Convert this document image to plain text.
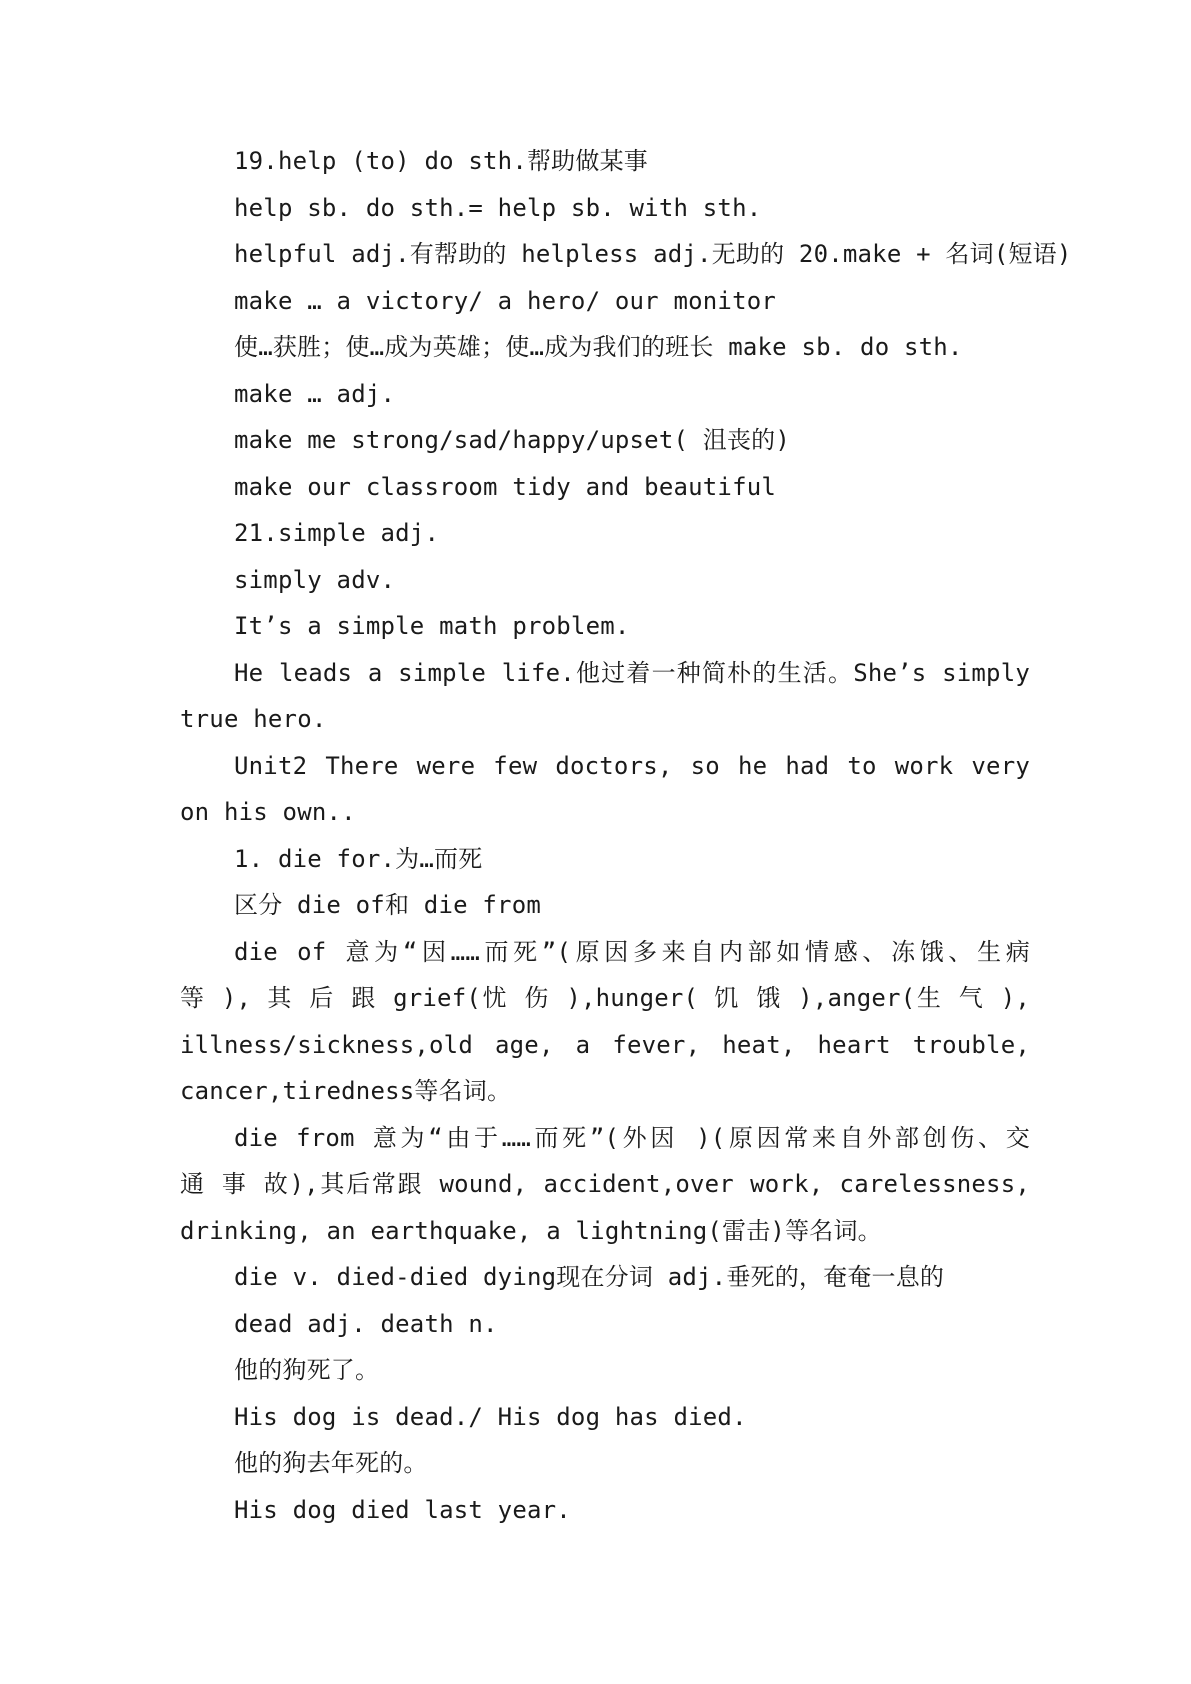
19.help (to) do sth.帮助做某事
help sb. do sth.= help sb. with sth.
helpful adj.有帮助的 helpless adj.无助的 20.make + 名词(短语)
make … a victory/ a hero/ our monitor
使…获胜；使…成为英雄；使…成为我们的班长 make sb. do sth.
make … adj.
make me strong/sad/happy/upset( 沮丧的)
make our classroom tidy and beautiful
21.simple adj.
simply adv.
It’s a simple math problem.
He leads a simple life.他过着一种简朴的生活。She’s simply
true hero.
Unit2 There were few doctors, so he had to work very
on his own..
1. die for.为…而死
区分 die of和 die from
die of 意为“因……而死”(原因多来自内部如情感、冻饿、生病
等 ), 其 后 跟 grief(忧 伤 ),hunger( 饥 饿 ),anger(生 气 ),
illness/sickness,old age, a fever, heat, heart trouble,
cancer,tiredness等名词。
die from 意为“由于……而死”(外因 )(原因常来自外部创伤、交
通 事 故),其后常跟 wound, accident,over work, carelessness,
drinking, an earthquake, a lightning(雷击)等名词。
die v. died-died dying现在分词 adj.垂死的，奄奄一息的
dead adj. death n.
他的狗死了。
His dog is dead./ His dog has died.
他的狗去年死的。
His dog died last year.
